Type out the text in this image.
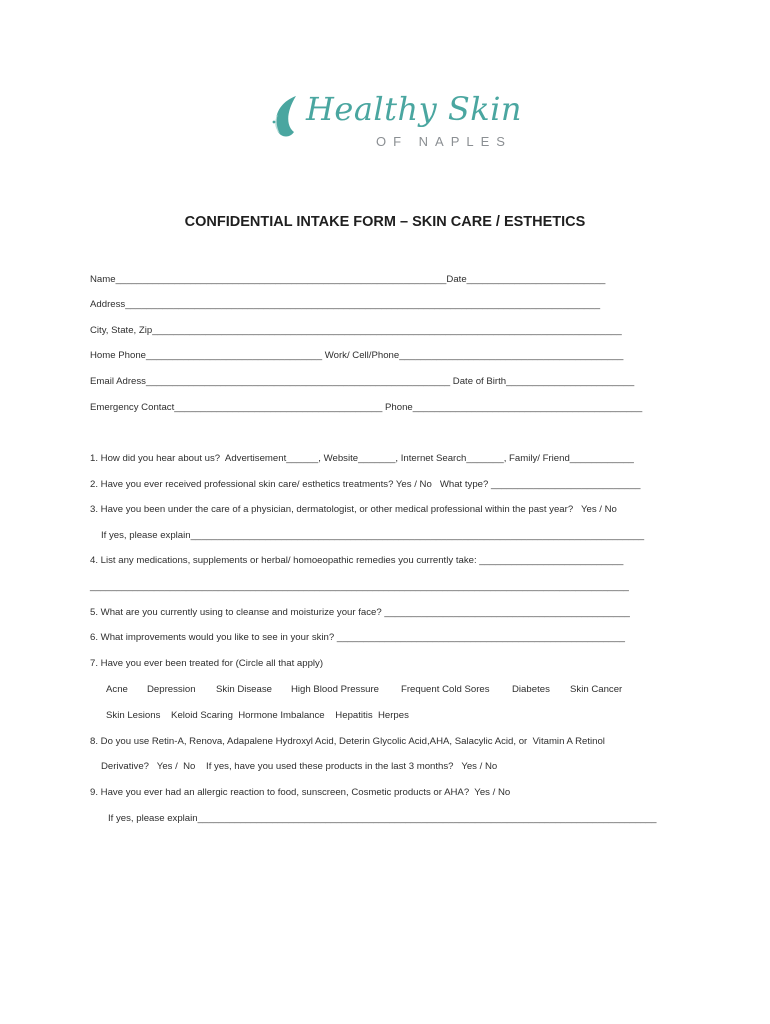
Healthy Skin
OF NAPLES
CONFIDENTIAL INTAKE FORM – SKIN CARE / ESTHETICS
Name______________________________________________________________Date__________________________
Address_________________________________________________________________________________________
City, State, Zip________________________________________________________________________________________
Home Phone_________________________________ Work/ Cell/Phone__________________________________________
Email Adress_________________________________________________________ Date of Birth________________________
Emergency Contact_______________________________________ Phone___________________________________________
1. How did you hear about us?  Advertisement______, Website_______, Internet Search_______, Family/ Friend____________
2. Have you ever received professional skin care/ esthetics treatments? Yes / No   What type? ____________________________
3. Have you been under the care of a physician, dermatologist, or other medical professional within the past year?   Yes / No
If yes, please explain_____________________________________________________________________________________
4. List any medications, supplements or herbal/ homoeopathic remedies you currently take: ___________________________
_____________________________________________________________________________________________________
5. What are you currently using to cleanse and moisturize your face? ______________________________________________
6. What improvements would you like to see in your skin? ______________________________________________________
7. Have you ever been treated for (Circle all that apply)
Acne Depression Skin Disease High Blood Pressure Frequent Cold Sores Diabetes Skin Cancer
Skin Lesions    Keloid Scaring  Hormone Imbalance    Hepatitis  Herpes
8. Do you use Retin-A, Renova, Adapalene Hydroxyl Acid, Deterin Glycolic Acid,AHA, Salacylic Acid, or  Vitamin A Retinol
Derivative?   Yes /  No    If yes, have you used these products in the last 3 months?   Yes / No
9. Have you ever had an allergic reaction to food, sunscreen, Cosmetic products or AHA?  Yes / No
If yes, please explain______________________________________________________________________________________
